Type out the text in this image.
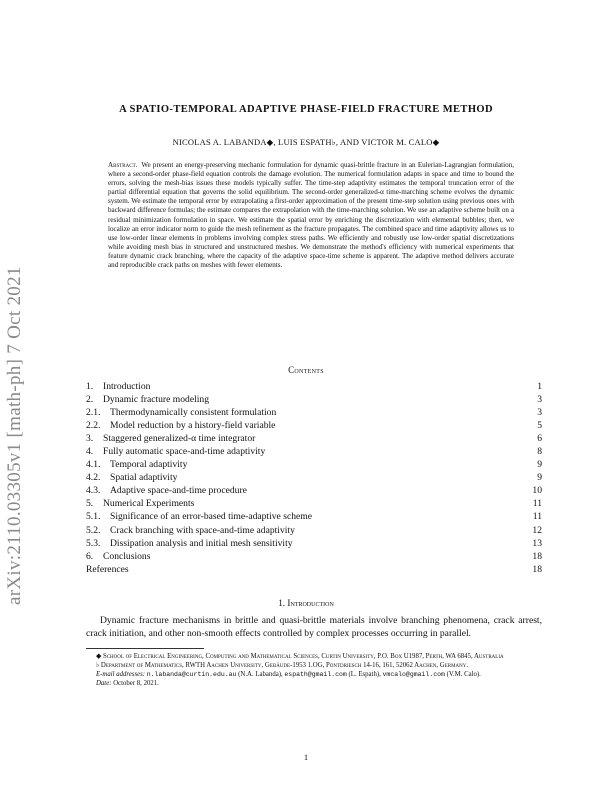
arXiv:2110.03305v1 [math-ph] 7 Oct 2021
A SPATIO-TEMPORAL ADAPTIVE PHASE-FIELD FRACTURE METHOD
NICOLAS A. LABANDA◆, LUIS ESPATH♭, AND VICTOR M. CALO◆
Abstract. We present an energy-preserving mechanic formulation for dynamic quasi-brittle fracture in an Eulerian-Lagrangian formulation, where a second-order phase-field equation controls the damage evolution. The numerical formulation adapts in space and time to bound the errors, solving the mesh-bias issues these models typically suffer. The time-step adaptivity estimates the temporal truncation error of the partial differential equation that governs the solid equilibrium. The second-order generalized-α time-marching scheme evolves the dynamic system. We estimate the temporal error by extrapolating a first-order approximation of the present time-step solution using previous ones with backward difference formulas; the estimate compares the extrapolation with the time-marching solution. We use an adaptive scheme built on a residual minimization formulation in space. We estimate the spatial error by enriching the discretization with elemental bubbles; then, we localize an error indicator norm to guide the mesh refinement as the fracture propagates. The combined space and time adaptivity allows us to use low-order linear elements in problems involving complex stress paths. We efficiently and robustly use low-order spatial discretizations while avoiding mesh bias in structured and unstructured meshes. We demonstrate the method's efficiency with numerical experiments that feature dynamic crack branching, where the capacity of the adaptive space-time scheme is apparent. The adaptive method delivers accurate and reproducible crack paths on meshes with fewer elements.
Contents
1. Introduction	1
2. Dynamic fracture modeling	3
2.1. Thermodynamically consistent formulation	3
2.2. Model reduction by a history-field variable	5
3. Staggered generalized-α time integrator	6
4. Fully automatic space-and-time adaptivity	8
4.1. Temporal adaptivity	9
4.2. Spatial adaptivity	9
4.3. Adaptive space-and-time procedure	10
5. Numerical Experiments	11
5.1. Significance of an error-based time-adaptive scheme	11
5.2. Crack branching with space-and-time adaptivity	12
5.3. Dissipation analysis and initial mesh sensitivity	13
6. Conclusions	18
References	18
1. Introduction
Dynamic fracture mechanisms in brittle and quasi-brittle materials involve branching phenomena, crack arrest, crack initiation, and other non-smooth effects controlled by complex processes occurring in parallel.
◆ School of Electrical Engineering, Computing and Mathematical Sciences, Curtin University, P.O. Box U1987, Perth, WA 6845, Australia
♭ Department of Mathematics, RWTH Aachen University, Gebäude-1953 1.OG, Pontdriesch 14-16, 161, 52062 Aachen, Germany.
E-mail addresses: n.labanda@curtin.edu.au (N.A. Labanda), espath@gmail.com (L. Espath), vmcalo@gmail.com (V.M. Calo).
Date: October 8, 2021.
1
